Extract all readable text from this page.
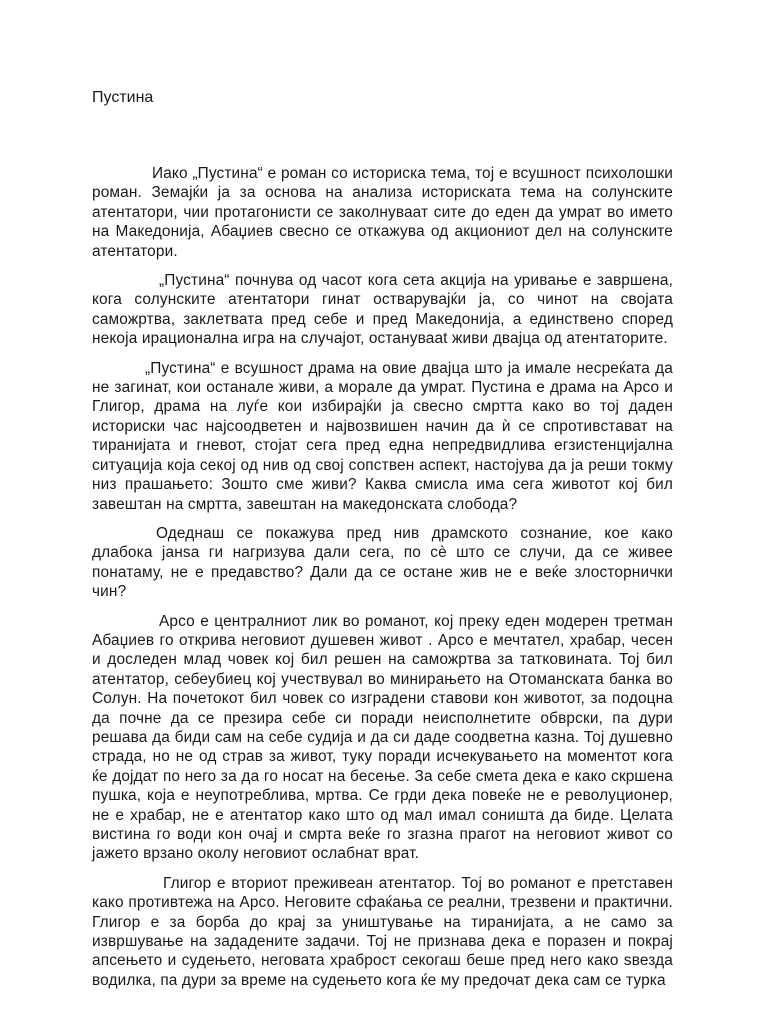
Пустина

Иако „Пустина“ е роман со историска тема, тој е всушност психолошки роман. Земајќи ја за основа на анализа историската тема на солунските атентатори, чии протагонисти се заколнуваат сите до еден да умрат во името на Македонија, Абаџиев свесно се откажува од акциониот дел на солунските атентатори.

„Пустина“ почнува од часот кога сета акција на уривање е завршена, кога солунските атентатори гинат остварувајќи ја, со чинот на својата саможртва, заклетвата пред себе и пред Македонија, а единствено според некоја ирационална игра на случајот, останувааt живи двајца од атентаторите.

„Пустина“ е всушност драма на овие двајца што ја имале несреќата да не загинат, кои останале живи, а морале да умрат. Пустина е драма на Арсо и Глигор, драма на луѓе кои избирајќи ја свесно смртта како во тој даден историски час најсоодветен и највозвишен начин да ѝ се спротивстават на тиранијата и гневот, стојат сега пред една непредвидлива егзистенцијална ситуација која секој од нив од свој сопствен аспект, настојува да ја реши токму низ прашањето: Зошто сме живи? Каква смисла има сега животот кој бил завештан на смртта, завештан на македонската слобода?

Одеднаш се покажува пред нив драмското сознание, кое како длабока јанѕа ги нагризува дали сега, по сè што се случи, да се живее понатаму, не е предавство? Дали да се остане жив не е веќе злосторнички чин?

Арсо е централниот лик во романот, кој преку еден модерен третман Абаџиев го открива неговиот душевен живот . Арсо е мечтател, храбар, чесен и доследен млад човек кој бил решен на саможртва за татковината. Тој бил атентатор, себеубиец кој учествувал во минирањето на Отоманската банка во Солун. На почетокот бил човек со изградени ставови кон животот, за подоцна да почне да се презира себе си поради неисполнетите обврски, па дури решава да биди сам на себе судија и да си даде соодветна казна. Тој душевно страда, но не од страв за живот, туку поради исчекувањето на моментот кога ќе дојдат по него за да го носат на бесење. За себе смета дека е како скршена пушка, која е неупотреблива, мртва. Се грди дека повеќе не е револуционер, не е храбар, не е атентатор како што од мал имал соништа да биде. Целата вистина го води кон очај и смрта веќе го згазна прагот на неговиот живот со јажето врзано околу неговиот ослабнат врат.

Глигор е вториот преживеан атентатор. Тој во романот е претставен како противтежа на Арсо. Неговите сфаќања се реални, трезвени и практични. Глигор е за борба до крај за уништување на тиранијата, а не само за извршување на зададените задачи. Тој не признава дека е поразен и покрај апсењето и судењето, неговата храброст секогаш беше пред него како ѕвезда водилка, па дури за време на судењето кога ќе му предочат дека сам се турка
